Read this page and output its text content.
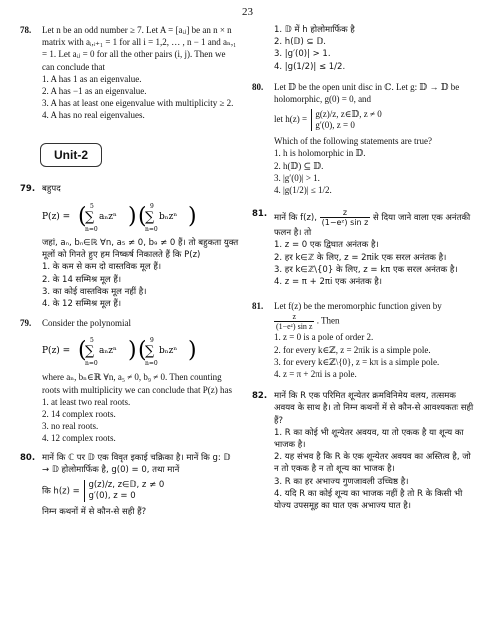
23
78. Let n be an odd number ≥ 7. Let A = [aᵢⱼ] be an n × n matrix with aᵢ,ᵢ₊₁ = 1 for all i = 1,2, … , n − 1 and aₙ,₁ = 1. Let aᵢⱼ = 0 for all the other pairs (i, j). Then we can conclude that
1. A has 1 as an eigenvalue.
2. A has −1 as an eigenvalue.
3. A has at least one eigenvalue with multiplicity ≥ 2.
4. A has no real eigenvalues.
Unit-2
79. बहुपद
P(z) = ( 5
∑
n=0
aₙzⁿ ) ( 9
∑
n=0
bₙzⁿ )
जहां, aₙ, bₙ∈ℝ ∀n, a₅ ≠ 0, b₉ ≠ 0 हैं। तो बहुकता युक्त मूलों को गिनते हुए हम निष्कर्ष निकालते हैं कि P(z)
1. के कम से कम दो वास्तविक मूल हैं।
2. के 14 सम्मिश्र मूल हैं।
3. का कोई वास्तविक मूल नहीं है।
4. के 12 सम्मिश्र मूल हैं।
79. Consider the polynomial
P(z) = ( 5
∑
n=0
aₙzⁿ ) ( 9
∑
n=0
bₙzⁿ )
where aₙ, bₙ∈ℝ ∀n, a₅ ≠ 0, b₉ ≠ 0. Then counting roots with multiplicity we can conclude that P(z) has
1. at least two real roots.
2. 14 complex roots.
3. no real roots.
4. 12 complex roots.
80. मानें कि ℂ पर 𝔻 एक विवृत इकाई चक्रिका है। मानें कि g: 𝔻 → 𝔻 होलोमार्फिक है, g(0) = 0, तथा मानें
कि h(z) =
g(z)/z, z∈𝔻, z ≠ 0
g′(0), z = 0
निम्न कथनों में से कौन-से सही हैं?
1. 𝔻 में h होलोमार्फिक है
2. h(𝔻) ⊆ 𝔻.
3. |g′(0)| > 1.
4. |g(1/2)| ≤ 1/2.
80. Let 𝔻 be the open unit disc in ℂ. Let g: 𝔻 → 𝔻 be holomorphic, g(0) = 0, and
let h(z) =
g(z)/z, z∈𝔻, z ≠ 0
g′(0), z = 0
Which of the following statements are true?
1. h is holomorphic in 𝔻.
2. h(𝔻) ⊆ 𝔻.
3. |g′(0)| > 1.
4. |g(1/2)| ≤ 1/2.
81. मानें कि f(z), $\frac{z}{\text{(1−eᶻ) sin z}}$ से दिया जाने वाला एक अनंतकी फलन है। तो
1. z = 0 एक द्विघात अनंतक है।
2. हर k∈ℤ के लिए, z = 2πik एक सरल अनंतक है।
3. हर k∈ℤ\{0} के लिए, z = kπ एक सरल अनंतक है।
4. z = π + 2πi एक अनंतक है।
81. Let f(z) be the meromorphic function given by
$\frac{z}{\text{(1−eᶻ) sin z}}$ . Then
1. z = 0 is a pole of order 2.
2. for every k∈ℤ, z = 2πik is a simple pole.
3. for every k∈ℤ\{0}, z = kπ is a simple pole.
4. z = π + 2πi is a pole.
82. मानें कि R एक परिमित शून्येतर क्रमविनिमेय वलय, तत्समक अवयव के साथ है। तो निम्न कथनों में से कौन-से आवश्यकतः सही हैं?
1. R का कोई भी शून्येतर अवयव, या तो एकक है या शून्य का भाजक है।
2. यह संभव है कि R के एक शून्येतर अवयव का अस्तित्व है, जो न तो एकक है न तो शून्य का भाजक है।
3. R का हर अभाज्य गुणजावली उच्चिष्ठ है।
4. यदि R का कोई शून्य का भाजक नहीं है तो R के किसी भी योज्य उपसमूह का घात एक अभाज्य घात है।
